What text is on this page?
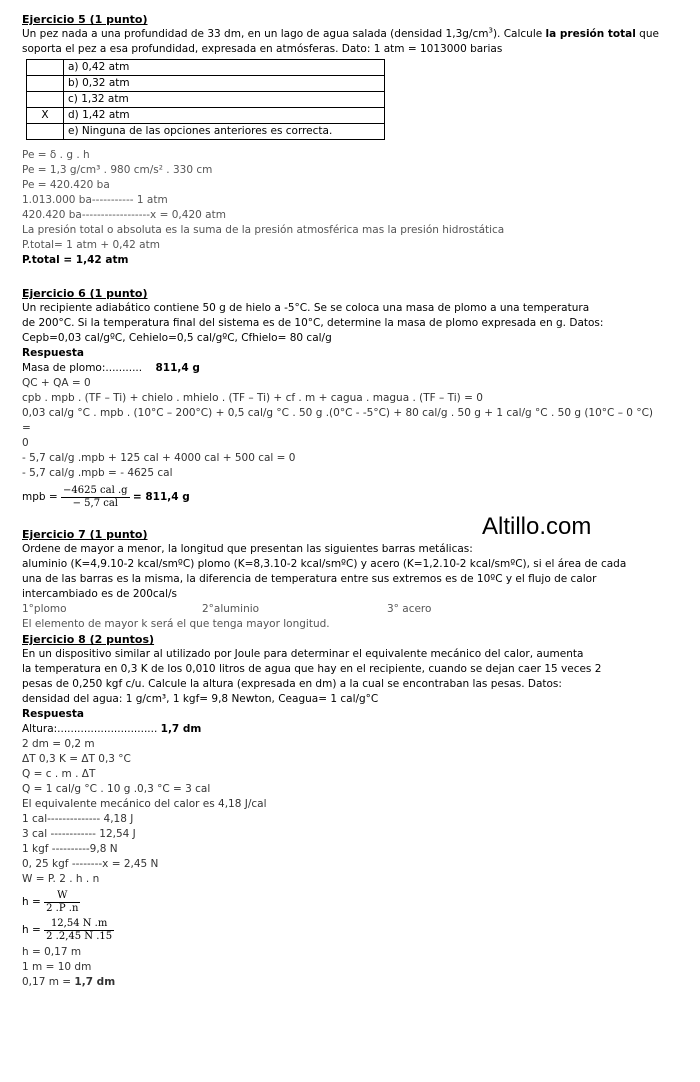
Ejercicio 5 (1 punto)

Un pez nada a una profundidad de 33 dm, en un lago de agua salada (densidad $1,3g/cm^3$). Calcule la presión total que soporta el pez a esa profundidad, expresada en atmósferas. Dato: 1 atm = 1013000 barias

	a) 0,42 atm
	b) 0,32 atm
	c) 1,32 atm
X	d) 1,42 atm
	e) Ninguna de las opciones anteriores es correcta.

Pe = δ . g . h

Pe = 1,3 g/cm³ . 980 cm/s² . 330 cm

Pe = 420.420 ba

1.013.000 ba----------- 1 atm

420.420 ba------------------x = 0,420 atm

La presión total o absoluta es la suma de la presión atmosférica mas la presión hidrostática

P.total= 1 atm + 0,42 atm

P.total = 1,42 atm

Ejercicio 6 (1 punto)

Un recipiente adiabático contiene 50 g de hielo a -5°C. Se se coloca una masa de plomo a una temperatura

de 200°C. Si la temperatura final del sistema es de 10°C, determine la masa de plomo expresada en g. Datos:

Cepb=0,03 cal/gºC, Cehielo=0,5 cal/gºC, Cfhielo= 80 cal/g

Respuesta

Masa de plomo:........... 811,4 g

QC + QA = 0

cpb . mpb . (TF – Ti) + chielo . mhielo . (TF – Ti) + cf . m + cagua . magua . (TF – Ti) = 0

0,03 cal/g °C . mpb . (10°C – 200°C) + 0,5 cal/g °C . 50 g .(0°C - -5°C) + 80 cal/g . 50 g + 1 cal/g °C . 50 g (10°C – 0 °C) =

0

- 5,7 cal/g .mpb + 125 cal + 4000 cal + 500 cal = 0

- 5,7 cal/g .mpb = - 4625 cal

mpb = $\frac{\text{−4625 cal .g}}{\text{− 5,7 cal}} = 811,4$ g

Ejercicio 7 (1 punto)

Ordene de mayor a menor, la longitud que presentan las siguientes barras metálicas:

aluminio (K=4,9.10-2 kcal/smºC) plomo (K=8,3.10-2 kcal/smºC) y acero (K=1,2.10-2 kcal/smºC), si el área de cada

una de las barras es la misma, la diferencia de temperatura entre sus extremos es de 10ºC y el flujo de calor

intercambiado es de 200cal/s

1°plomo	2°aluminio	3° acero

El elemento de mayor k será el que tenga mayor longitud.

Ejercicio 8 (2 puntos)

En un dispositivo similar al utilizado por Joule para determinar el equivalente mecánico del calor, aumenta

la temperatura en 0,3 K de los 0,010 litros de agua que hay en el recipiente, cuando se dejan caer 15 veces 2

pesas de 0,250 kgf c/u. Calcule la altura (expresada en dm) a la cual se encontraban las pesas. Datos:

densidad del agua: 1 g/cm³, 1 kgf= 9,8 Newton, Ceagua= 1 cal/g°C

Respuesta

Altura:.............................. 1,7 dm

2 dm = 0,2 m

ΔT 0,3 K = ΔT 0,3 °C

Q = c . m . ΔT

Q = 1 cal/g °C . 10 g .0,3 °C = 3 cal

El equivalente mecánico del calor es 4,18 J/cal

1 cal-------------- 4,18 J

3 cal ------------ 12,54 J

1 kgf ----------9,8 N

0, 25 kgf --------x = 2,45 N

W = P. 2 . h . n

$h = \frac{W}{2 .P .n}$
$h = \frac{12,54 N .m}{2 .2,45 N .15}$

h = 0,17 m

1 m = 10 dm

0,17 m = 1,7 dm

Altillo.com
